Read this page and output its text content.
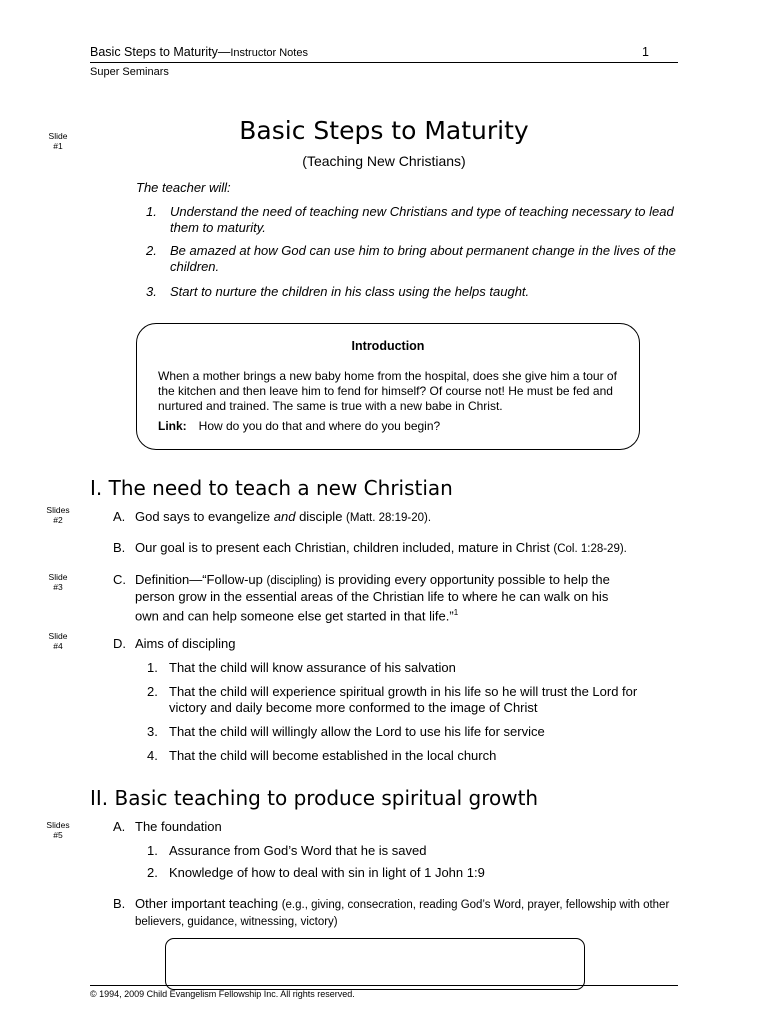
Basic Steps to Maturity—Instructor Notes	1
Super Seminars
Slide
#1
Slides
#2
Slide
#3
Slide
#4
Slides
#5
Basic Steps to Maturity
(Teaching New Christians)
The teacher will:
1. Understand the need of teaching new Christians and type of teaching necessary to lead them to maturity.
2. Be amazed at how God can use him to bring about permanent change in the lives of the children.
3. Start to nurture the children in his class using the helps taught.
Introduction
When a mother brings a new baby home from the hospital, does she give him a tour of the kitchen and then leave him to fend for himself? Of course not! He must be fed and nurtured and trained. The same is true with a new babe in Christ.
Link: How do you do that and where do you begin?
I. The need to teach a new Christian
A. God says to evangelize and disciple (Matt. 28:19-20).
B. Our goal is to present each Christian, children included, mature in Christ (Col. 1:28-29).
C. Definition—“Follow-up (discipling) is providing every opportunity possible to help the person grow in the essential areas of the Christian life to where he can walk on his own and can help someone else get started in that life.”$^1$
D. Aims of discipling
1. That the child will know assurance of his salvation
2. That the child will experience spiritual growth in his life so he will trust the Lord for victory and daily become more conformed to the image of Christ
3. That the child will willingly allow the Lord to use his life for service
4. That the child will become established in the local church
II. Basic teaching to produce spiritual growth
A. The foundation
1. Assurance from God’s Word that he is saved
2. Knowledge of how to deal with sin in light of 1 John 1:9
B. Other important teaching (e.g., giving, consecration, reading God’s Word, prayer, fellowship with other believers, guidance, witnessing, victory)
© 1994, 2009 Child Evangelism Fellowship Inc. All rights reserved.
